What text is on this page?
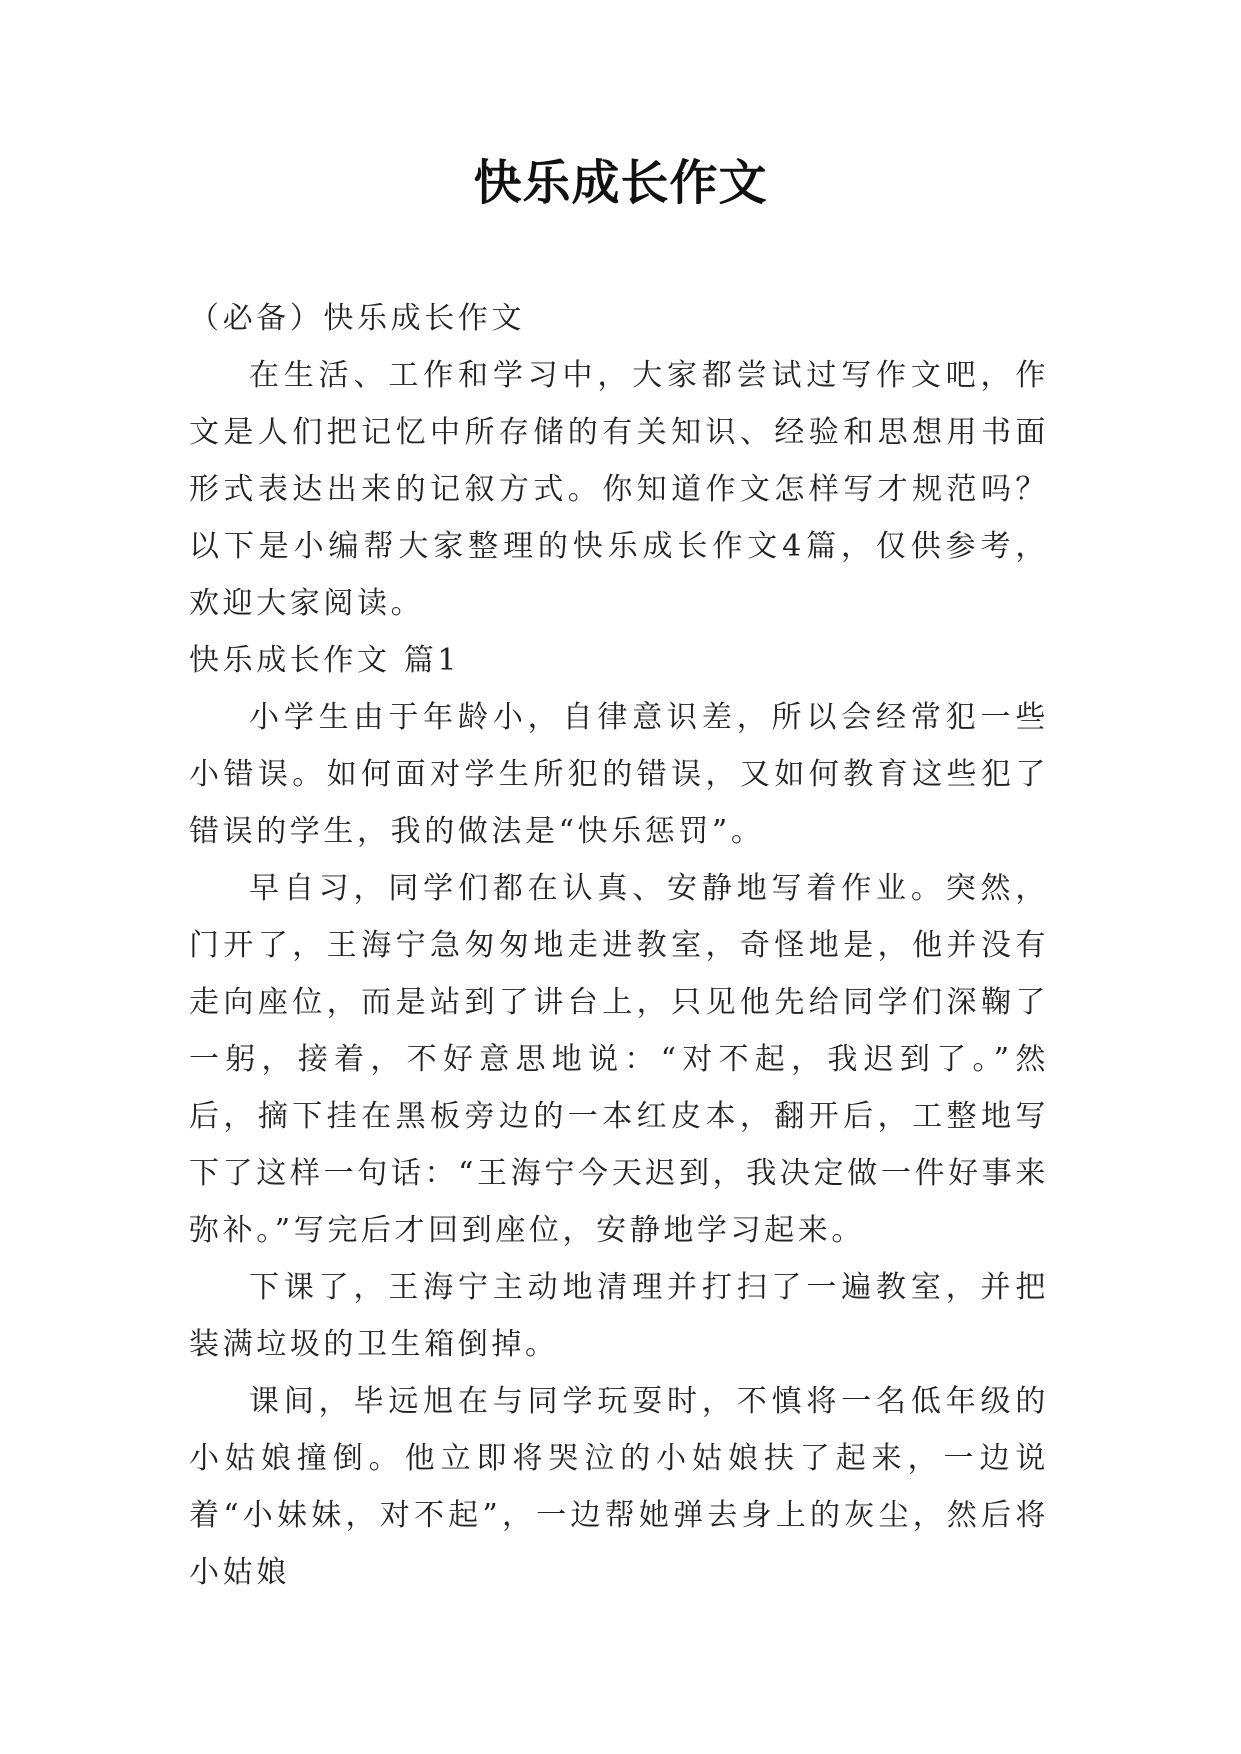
快乐成长作文

（必备）快乐成长作文

在生活、工作和学习中，大家都尝试过写作文吧，作文是人们把记忆中所存储的有关知识、经验和思想用书面形式表达出来的记叙方式。你知道作文怎样写才规范吗？以下是小编帮大家整理的快乐成长作文4篇，仅供参考，欢迎大家阅读。

快乐成长作文 篇1

小学生由于年龄小，自律意识差，所以会经常犯一些小错误。如何面对学生所犯的错误，又如何教育这些犯了错误的学生，我的做法是“快乐惩罚”。

早自习，同学们都在认真、安静地写着作业。突然，门开了，王海宁急匆匆地走进教室，奇怪地是，他并没有走向座位，而是站到了讲台上，只见他先给同学们深鞠了一躬，接着，不好意思地说：“对不起，我迟到了。”然后，摘下挂在黑板旁边的一本红皮本，翻开后，工整地写下了这样一句话：“王海宁今天迟到，我决定做一件好事来弥补。”写完后才回到座位，安静地学习起来。

下课了，王海宁主动地清理并打扫了一遍教室，并把装满垃圾的卫生箱倒掉。

课间，毕远旭在与同学玩耍时，不慎将一名低年级的小姑娘撞倒。他立即将哭泣的小姑娘扶了起来，一边说着“小妹妹，对不起”，一边帮她弹去身上的灰尘，然后将小姑娘
